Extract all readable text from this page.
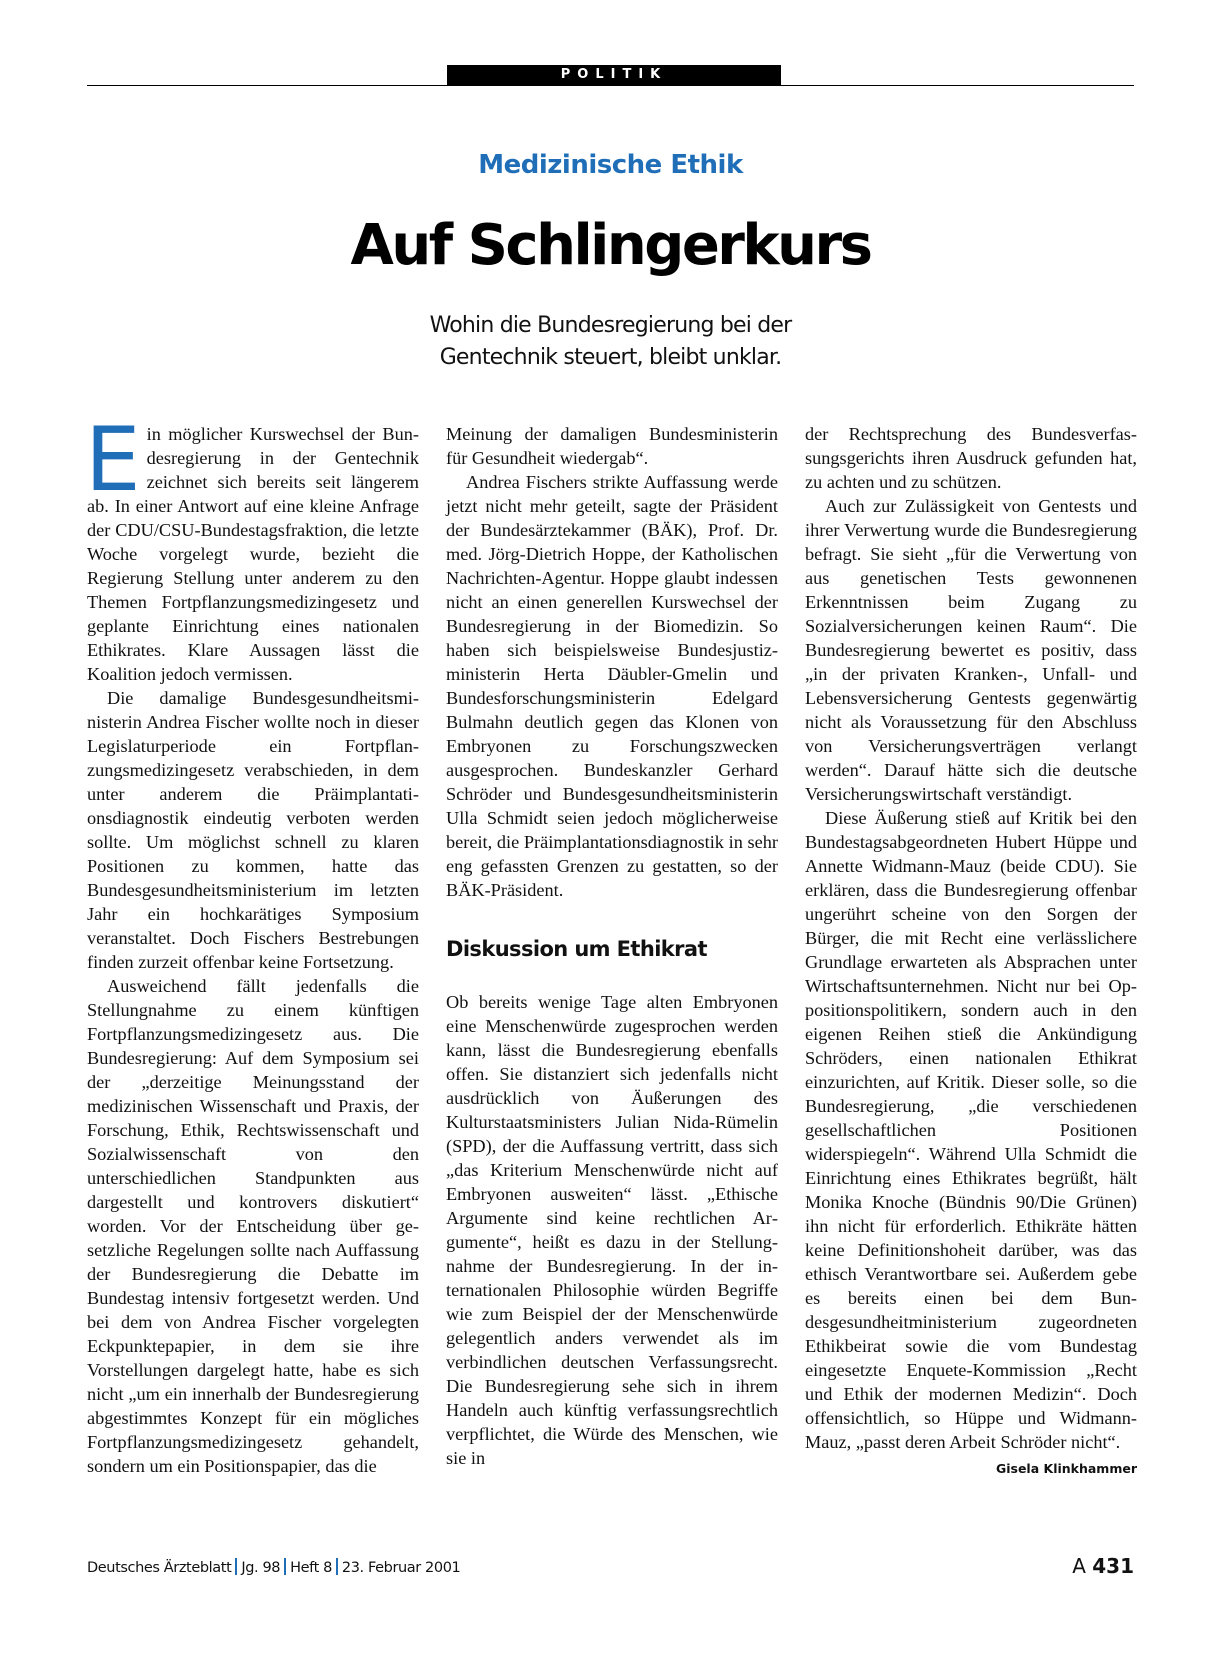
POLITIK
Medizinische Ethik
Auf Schlingerkurs
Wohin die Bundesregierung bei der
Gentechnik steuert, bleibt unklar.

Ein möglicher Kurswechsel der Bundesregierung in der Gentechnik zeichnet sich bereits seit längerem ab. In einer Antwort auf eine kleine Anfrage der CDU/CSU-Bundestagsfraktion, die letzte Woche vorgelegt wurde, bezieht die Regierung Stellung unter anderem zu den Themen Fortpflanzungsmedizingesetz und geplante Einrichtung eines nationalen Ethikrates. Klare Aussagen lässt die Koalition jedoch vermissen.

Die damalige Bundesgesundheitsministerin Andrea Fischer wollte noch in dieser Legislaturperiode ein Fortpflanzungsmedizingesetz verabschieden, in dem unter anderem die Präimplantationsdiagnostik eindeutig verboten werden sollte. Um möglichst schnell zu klaren Positionen zu kommen, hatte das Bundesgesundheitsministerium im letzten Jahr ein hochkarätiges Symposium veranstaltet. Doch Fischers Bestrebungen finden zurzeit offenbar keine Fortsetzung.

Ausweichend fällt jedenfalls die Stellungnahme zu einem künftigen Fortpflanzungsmedizingesetz aus. Die Bundesregierung: Auf dem Symposium sei der „derzeitige Meinungsstand der medizinischen Wissenschaft und Praxis, der Forschung, Ethik, Rechtswissenschaft und Sozialwissenschaft von den unterschiedlichen Standpunkten aus dargestellt und kontrovers diskutiert“ worden. Vor der Entscheidung über gesetzliche Regelungen sollte nach Auffassung der Bundesregierung die Debatte im Bundestag intensiv fortgesetzt werden. Und bei dem von Andrea Fischer vorgelegten Eckpunktepapier, in dem sie ihre Vorstellungen dargelegt hatte, habe es sich nicht „um ein innerhalb der Bundesregierung abgestimmtes Konzept für ein mögliches Fortpflanzungsmedizingesetz gehandelt, sondern um ein Positionspapier, das die

Meinung der damaligen Bundesministerin für Gesundheit wiedergab“.

Andrea Fischers strikte Auffassung werde jetzt nicht mehr geteilt, sagte der Präsident der Bundesärztekammer (BÄK), Prof. Dr. med. Jörg-Dietrich Hoppe, der Katholischen Nachrichten-Agentur. Hoppe glaubt indessen nicht an einen generellen Kurswechsel der Bundesregierung in der Biomedizin. So haben sich beispielsweise Bundesjustizministerin Herta Däubler-Gmelin und Bundesforschungsministerin Edelgard Bulmahn deutlich gegen das Klonen von Embryonen zu Forschungszwecken ausgesprochen. Bundeskanzler Gerhard Schröder und Bundesgesundheitsministerin Ulla Schmidt seien jedoch möglicherweise bereit, die Präimplantationsdiagnostik in sehr eng gefassten Grenzen zu gestatten, so der BÄK-Präsident.

Diskussion um Ethikrat

Ob bereits wenige Tage alten Embryonen eine Menschenwürde zugesprochen werden kann, lässt die Bundesregierung ebenfalls offen. Sie distanziert sich jedenfalls nicht ausdrücklich von Äußerungen des Kulturstaatsministers Julian Nida-Rümelin (SPD), der die Auffassung vertritt, dass sich „das Kriterium Menschenwürde nicht auf Embryonen ausweiten“ lässt. „Ethische Argumente sind keine rechtlichen Argumente“, heißt es dazu in der Stellungnahme der Bundesregierung. In der internationalen Philosophie würden Begriffe wie zum Beispiel der der Menschenwürde gelegentlich anders verwendet als im verbindlichen deutschen Verfassungsrecht. Die Bundesregierung sehe sich in ihrem Handeln auch künftig verfassungsrechtlich verpflichtet, die Würde des Menschen, wie sie in

der Rechtsprechung des Bundesverfassungsgerichts ihren Ausdruck gefunden hat, zu achten und zu schützen.

Auch zur Zulässigkeit von Gentests und ihrer Verwertung wurde die Bundesregierung befragt. Sie sieht „für die Verwertung von aus genetischen Tests gewonnenen Erkenntnissen beim Zugang zu Sozialversicherungen keinen Raum“. Die Bundesregierung bewertet es positiv, dass „in der privaten Kranken-, Unfall- und Lebensversicherung Gentests gegenwärtig nicht als Voraussetzung für den Abschluss von Versicherungsverträgen verlangt werden“. Darauf hätte sich die deutsche Versicherungswirtschaft verständigt.

Diese Äußerung stieß auf Kritik bei den Bundestagsabgeordneten Hubert Hüppe und Annette Widmann-Mauz (beide CDU). Sie erklären, dass die Bundesregierung offenbar ungerührt scheine von den Sorgen der Bürger, die mit Recht eine verlässlichere Grundlage erwarteten als Absprachen unter Wirtschaftsunternehmen. Nicht nur bei Oppositionspolitikern, sondern auch in den eigenen Reihen stieß die Ankündigung Schröders, einen nationalen Ethikrat einzurichten, auf Kritik. Dieser solle, so die Bundesregierung, „die verschiedenen gesellschaftlichen Positionen widerspiegeln“. Während Ulla Schmidt die Einrichtung eines Ethikrates begrüßt, hält Monika Knoche (Bündnis 90/Die Grünen) ihn nicht für erforderlich. Ethikräte hätten keine Definitionshoheit darüber, was das ethisch Verantwortbare sei. Außerdem gebe es bereits einen bei dem Bundesgesundheitministerium zugeordneten Ethikbeirat sowie die vom Bundestag eingesetzte Enquete-Kommission „Recht und Ethik der modernen Medizin“. Doch offensichtlich, so Hüppe und Widmann-Mauz, „passt deren Arbeit Schröder nicht“.
Gisela Klinkhammer

Deutsches Ärzteblatt Jg. 98 Heft 8 23. Februar 2001	A 431
